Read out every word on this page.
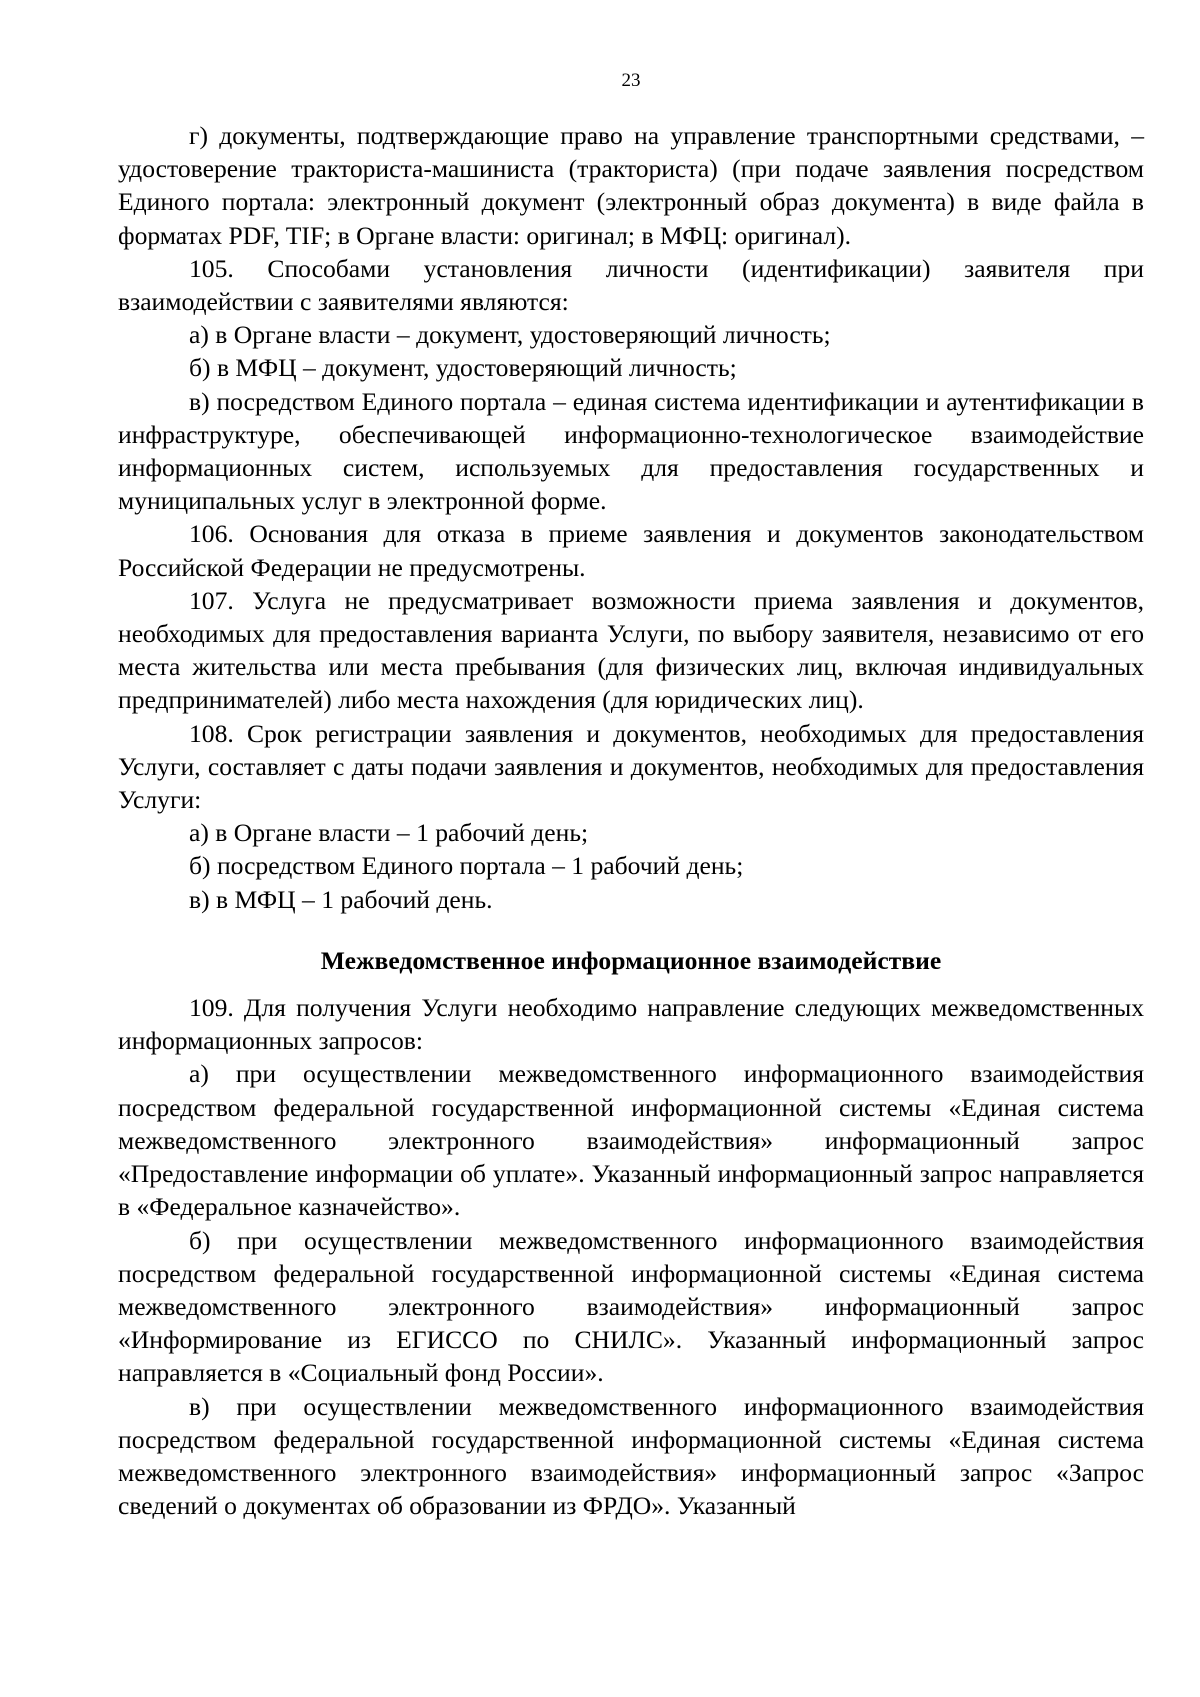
23

г) документы, подтверждающие право на управление транспортными средствами, – удостоверение тракториста-машиниста (тракториста) (при подаче заявления посредством Единого портала: электронный документ (электронный образ документа) в виде файла в форматах PDF, TIF; в Органе власти: оригинал; в МФЦ: оригинал).

105. Способами установления личности (идентификации) заявителя при взаимодействии с заявителями являются:

а) в Органе власти – документ, удостоверяющий личность;

б) в МФЦ – документ, удостоверяющий личность;

в) посредством Единого портала – единая система идентификации и аутентификации в инфраструктуре, обеспечивающей информационно-технологическое взаимодействие информационных систем, используемых для предоставления государственных и муниципальных услуг в электронной форме.

106. Основания для отказа в приеме заявления и документов законодательством Российской Федерации не предусмотрены.

107. Услуга не предусматривает возможности приема заявления и документов, необходимых для предоставления варианта Услуги, по выбору заявителя, независимо от его места жительства или места пребывания (для физических лиц, включая индивидуальных предпринимателей) либо места нахождения (для юридических лиц).

108. Срок регистрации заявления и документов, необходимых для предоставления Услуги, составляет с даты подачи заявления и документов, необходимых для предоставления Услуги:

а) в Органе власти – 1 рабочий день;

б) посредством Единого портала – 1 рабочий день;

в) в МФЦ – 1 рабочий день.

Межведомственное информационное взаимодействие

109. Для получения Услуги необходимо направление следующих межведомственных информационных запросов:

а) при осуществлении межведомственного информационного взаимодействия посредством федеральной государственной информационной системы «Единая система межведомственного электронного взаимодействия» информационный запрос «Предоставление информации об уплате». Указанный информационный запрос направляется в «Федеральное казначейство».

б) при осуществлении межведомственного информационного взаимодействия посредством федеральной государственной информационной системы «Единая система межведомственного электронного взаимодействия» информационный запрос «Информирование из ЕГИССО по СНИЛС». Указанный информационный запрос направляется в «Социальный фонд России».

в) при осуществлении межведомственного информационного взаимодействия посредством федеральной государственной информационной системы «Единая система межведомственного электронного взаимодействия» информационный запрос «Запрос сведений о документах об образовании из ФРДО». Указанный
